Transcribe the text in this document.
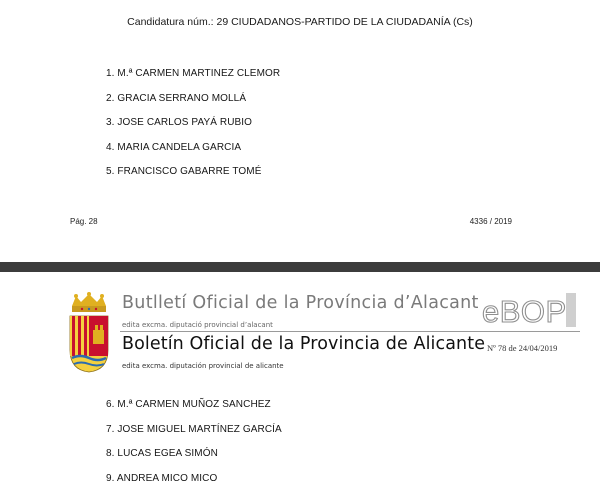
Candidatura núm.: 29 CIUDADANOS-PARTIDO DE LA CIUDADANÍA (Cs)
1. M.ª CARMEN MARTINEZ CLEMOR
2. GRACIA SERRANO MOLLÁ
3. JOSE CARLOS PAYÁ RUBIO
4. MARIA CANDELA GARCIA
5. FRANCISCO GABARRE TOMÉ
Pág. 28	4336 / 2019
Butlletí Oficial de la Província d’Alacant
edita excma. diputació provincial d’alacant
Boletín Oficial de la Provincia de Alicante
edita excma. diputación provincial de alicante
eBOP
Nº 78 de 24/04/2019
6. M.ª CARMEN MUÑOZ SANCHEZ
7. JOSE MIGUEL MARTÍNEZ GARCÍA
8. LUCAS EGEA SIMÓN
9. ANDREA MICO MICO
